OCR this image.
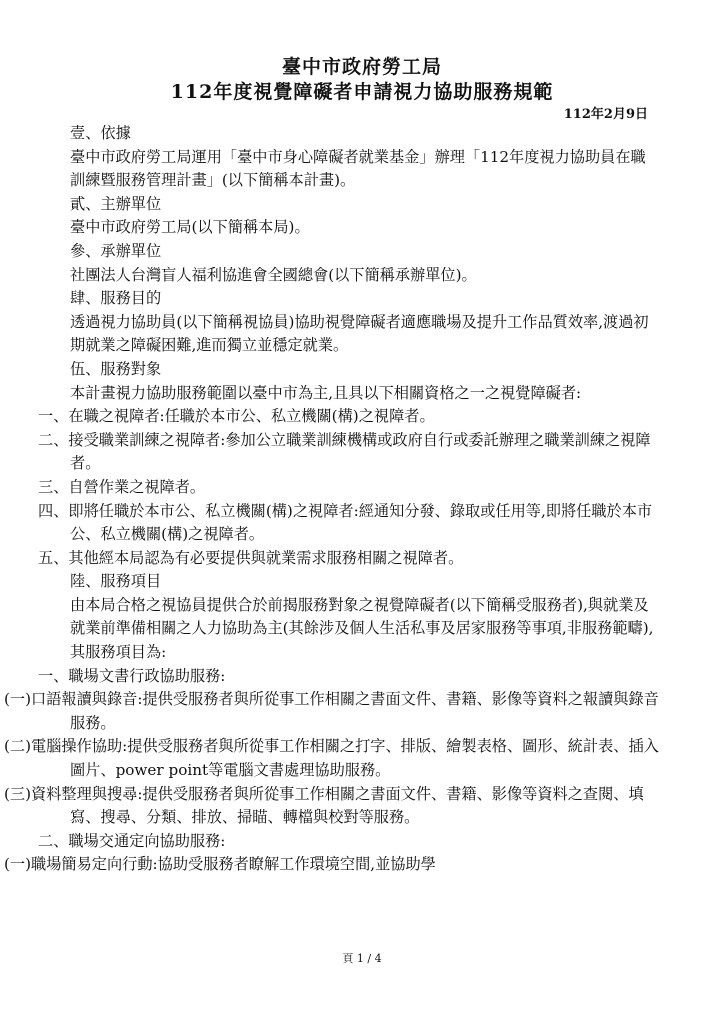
臺中市政府勞工局
112年度視覺障礙者申請視力協助服務規範
112年2月9日

壹、依據

臺中市政府勞工局運用「臺中市身心障礙者就業基金」辦理「112年度視力協助員在職訓練暨服務管理計畫」(以下簡稱本計畫)。

貳、主辦單位

臺中市政府勞工局(以下簡稱本局)。

參、承辦單位

社團法人台灣盲人福利協進會全國總會(以下簡稱承辦單位)。

肆、服務目的

透過視力協助員(以下簡稱視協員)協助視覺障礙者適應職場及提升工作品質效率,渡過初期就業之障礙困難,進而獨立並穩定就業。

伍、服務對象

本計畫視力協助服務範圍以臺中市為主,且具以下相關資格之一之視覺障礙者:

一、在職之視障者:任職於本市公、私立機關(構)之視障者。

二、接受職業訓練之視障者:參加公立職業訓練機構或政府自行或委託辦理之職業訓練之視障者。

三、自營作業之視障者。

四、即將任職於本市公、私立機關(構)之視障者:經通知分發、錄取或任用等,即將任職於本市公、私立機關(構)之視障者。

五、其他經本局認為有必要提供與就業需求服務相關之視障者。

陸、服務項目

由本局合格之視協員提供合於前揭服務對象之視覺障礙者(以下簡稱受服務者),與就業及就業前準備相關之人力協助為主(其餘涉及個人生活私事及居家服務等事項,非服務範疇),其服務項目為:

一、職場文書行政協助服務:

(一)口語報讀與錄音:提供受服務者與所從事工作相關之書面文件、書籍、影像等資料之報讀與錄音服務。

(二)電腦操作協助:提供受服務者與所從事工作相關之打字、排版、繪製表格、圖形、統計表、插入圖片、power point等電腦文書處理協助服務。

(三)資料整理與搜尋:提供受服務者與所從事工作相關之書面文件、書籍、影像等資料之查閱、填寫、搜尋、分類、排放、掃瞄、轉檔與校對等服務。

二、職場交通定向協助服務:

(一)職場簡易定向行動:協助受服務者瞭解工作環境空間,並協助學

頁 1 / 4
